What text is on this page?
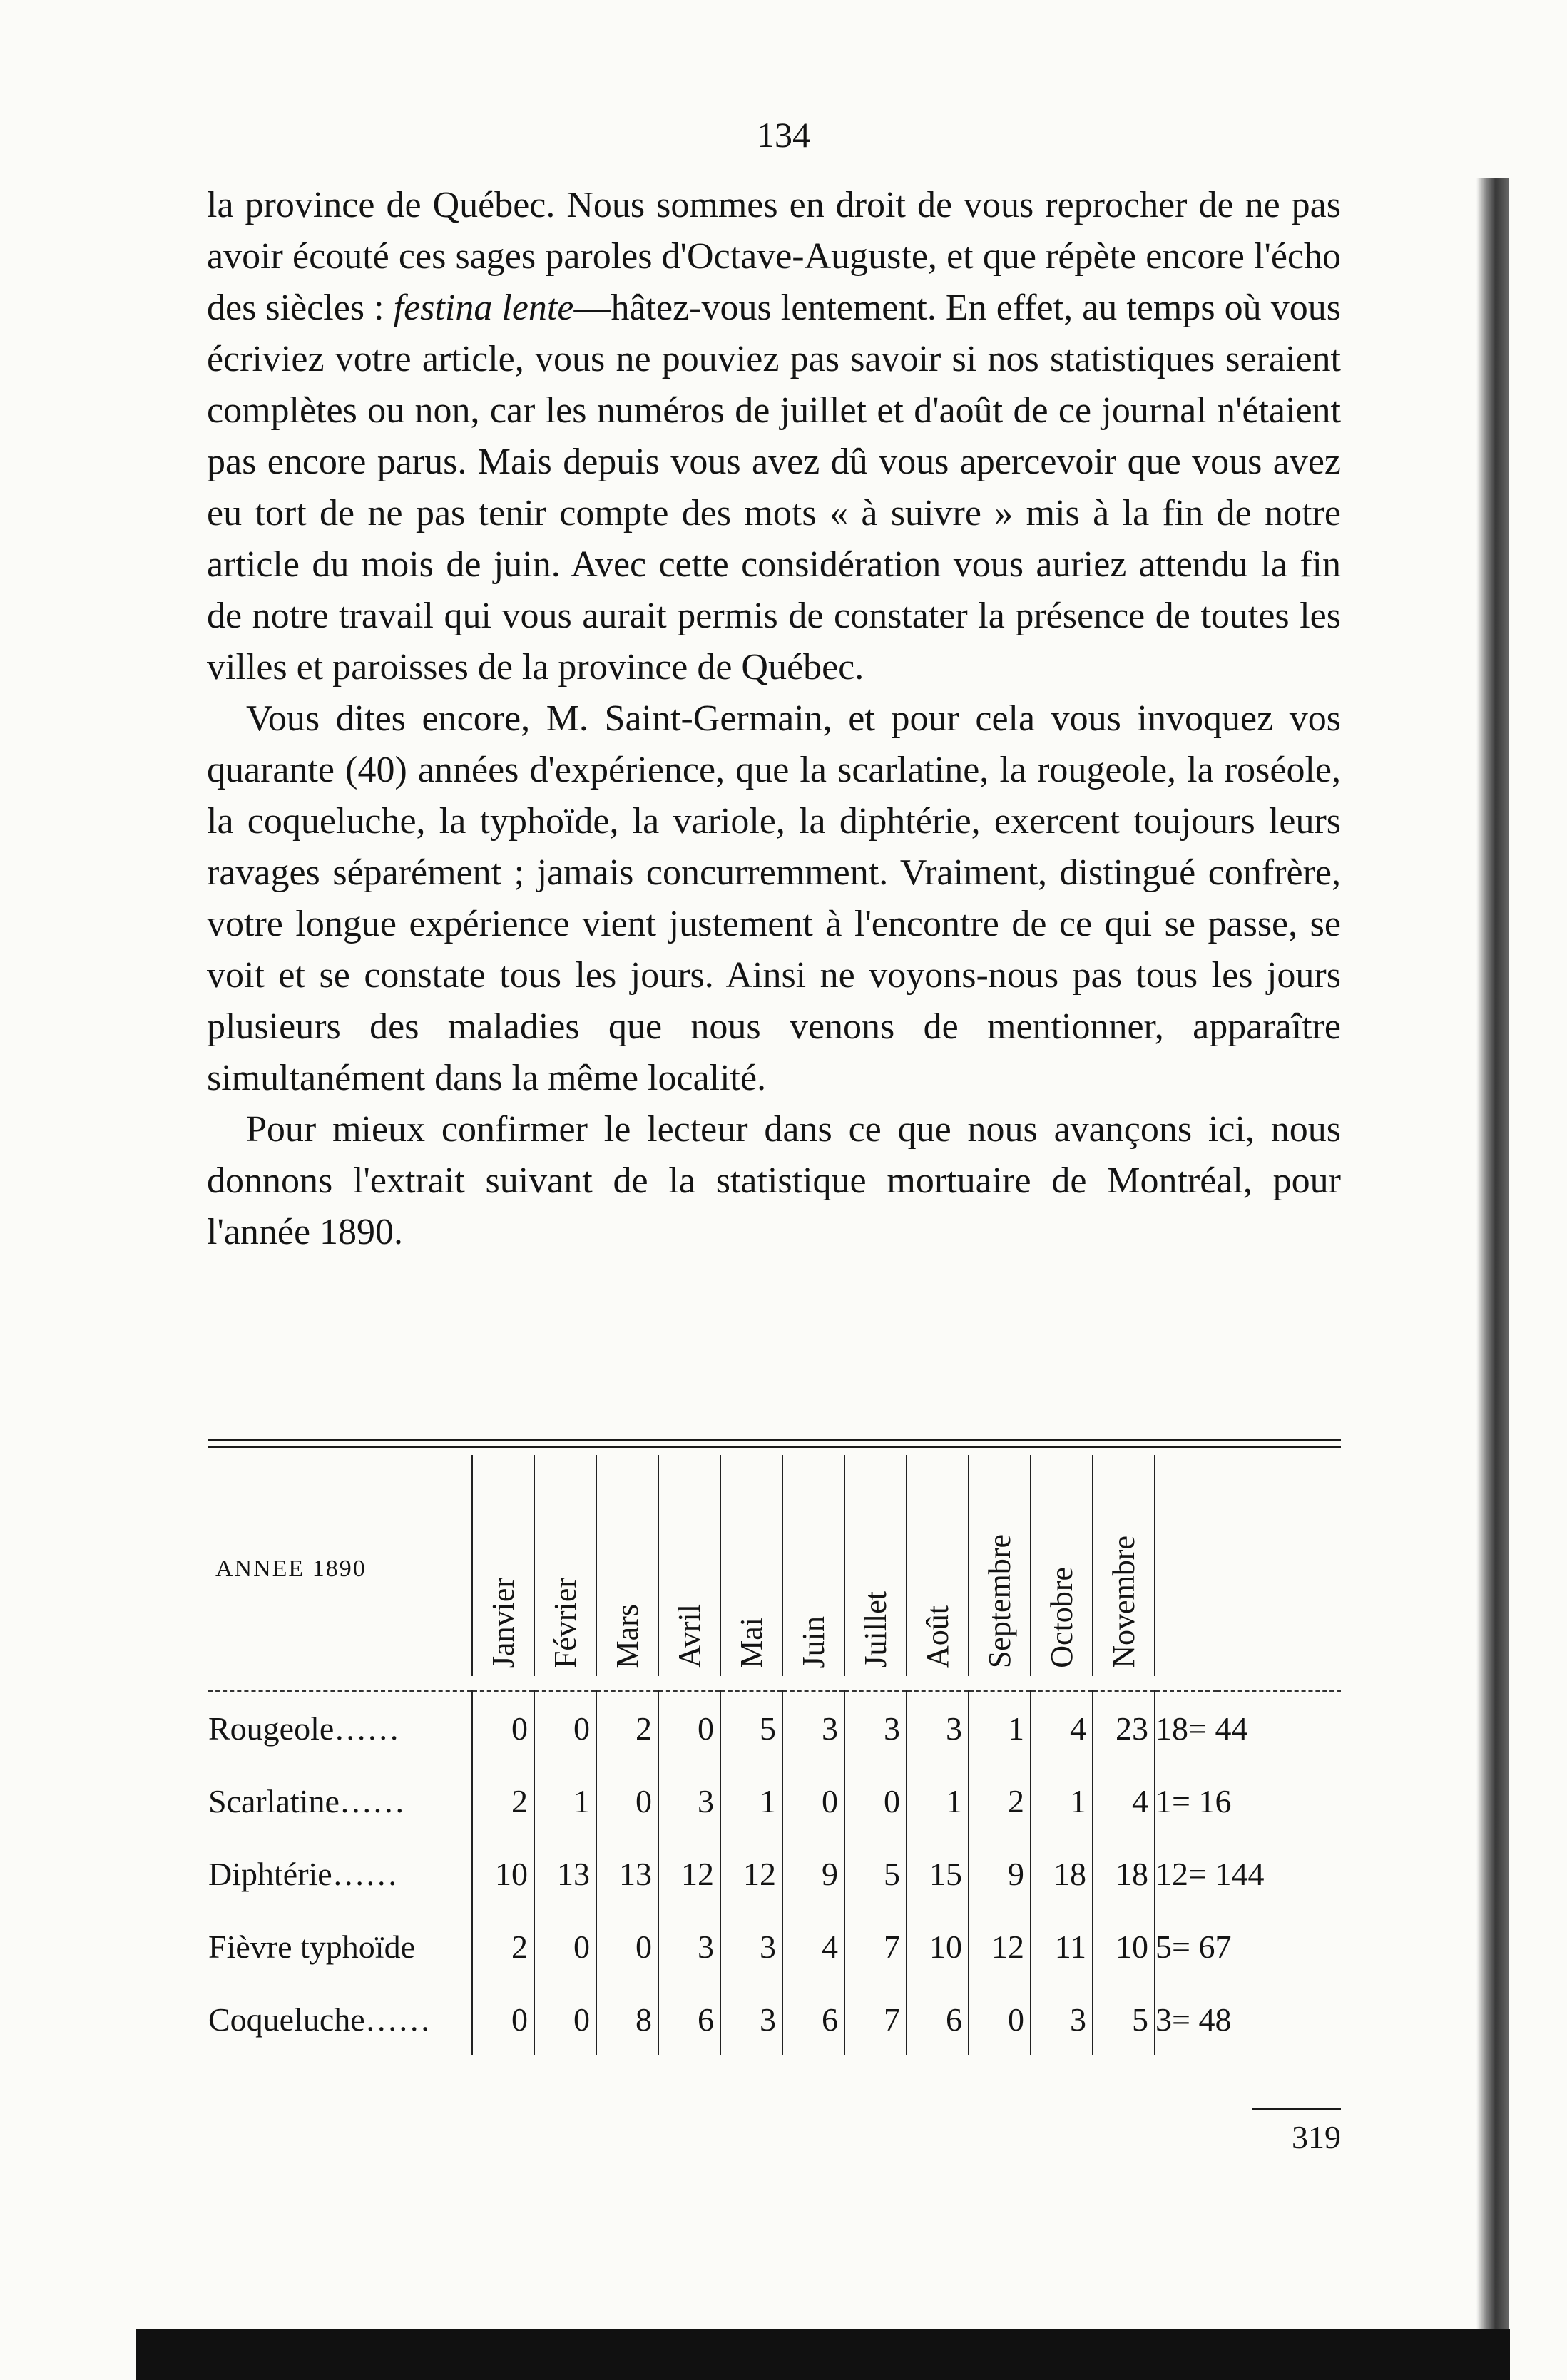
134

la province de Québec. Nous sommes en droit de vous reprocher de ne pas avoir écouté ces sages paroles d'Octave-Auguste, et que répète encore l'écho des siècles : festina lente—hâtez-vous lentement. En effet, au temps où vous écriviez votre article, vous ne pouviez pas savoir si nos statistiques seraient complètes ou non, car les numéros de juillet et d'août de ce journal n'étaient pas encore parus. Mais depuis vous avez dû vous apercevoir que vous avez eu tort de ne pas tenir compte des mots « à suivre » mis à la fin de notre article du mois de juin. Avec cette considération vous auriez attendu la fin de notre travail qui vous aurait permis de constater la présence de toutes les villes et paroisses de la province de Québec.

Vous dites encore, M. Saint-Germain, et pour cela vous invoquez vos quarante (40) années d'expérience, que la scarlatine, la rougeole, la roséole, la coqueluche, la typhoïde, la variole, la diphtérie, exercent toujours leurs ravages séparément ; jamais concurremment. Vraiment, distingué confrère, votre longue expérience vient justement à l'encontre de ce qui se passe, se voit et se constate tous les jours. Ainsi ne voyons-nous pas tous les jours plusieurs des maladies que nous venons de mentionner, apparaître simultanément dans la même localité.

Pour mieux confirmer le lecteur dans ce que nous avançons ici, nous donnons l'extrait suivant de la statistique mortuaire de Montréal, pour l'année 1890.

ANNEE 1890	Janvier	Février	Mars	Avril	Mai	Juin	Juillet	Août	Septembre	Octobre	Novembre	

Rougeole……	0	0	2	0	5	3	3	3	1	4	23	18= 44
Scarlatine……	2	1	0	3	1	0	0	1	2	1	4	1= 16
Diphtérie……	10	13	13	12	12	9	5	15	9	18	18	12= 144
Fièvre typhoïde	2	0	0	3	3	4	7	10	12	11	10	5= 67
Coqueluche……	0	0	8	6	3	6	7	6	0	3	5	3= 48
319
